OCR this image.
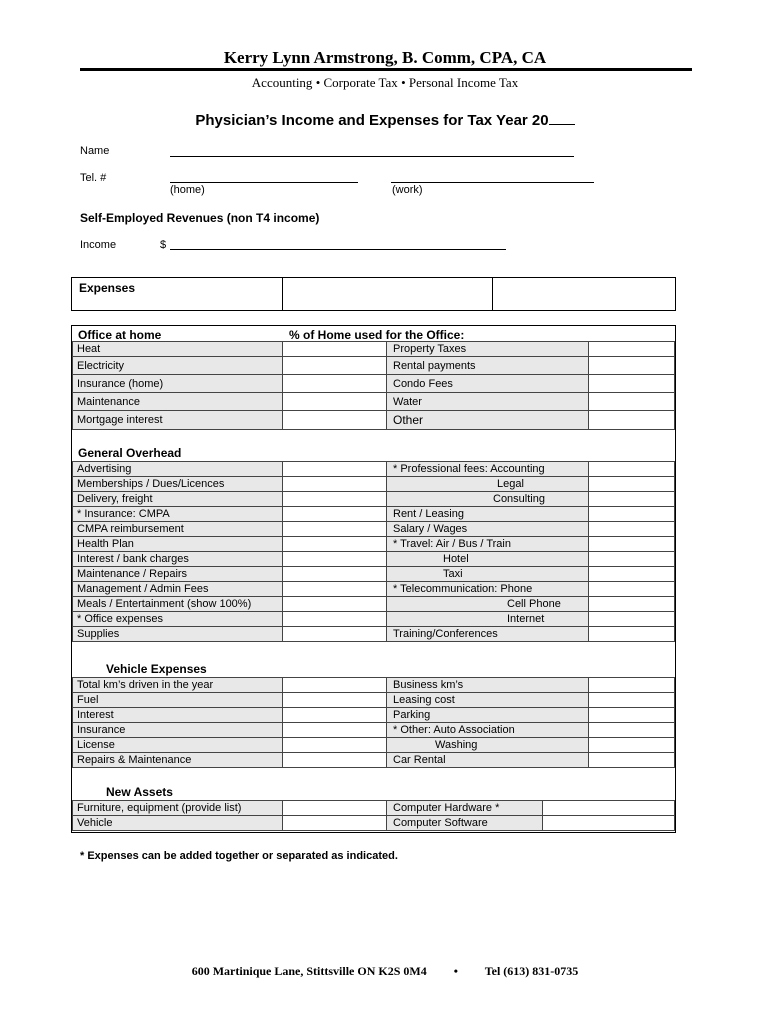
Kerry Lynn Armstrong, B. Comm, CPA, CA
Accounting • Corporate Tax • Personal Income Tax
Physician’s Income and Expenses for Tax Year 20
Name
Tel. #
(home)	(work)
Self-Employed Revenues (non T4 income)
Income	$
Expenses
Office at home	% of Home used for the Office:
Heat		Property Taxes	
Electricity		Rental payments	
Insurance (home)		Condo Fees	
Maintenance		Water	
Mortgage interest		Other	
General Overhead
Advertising		* Professional fees: Accounting	
Memberships / Dues/Licences		Legal	
Delivery, freight		Consulting	
* Insurance: CMPA		Rent / Leasing	
CMPA reimbursement		Salary / Wages	
Health Plan		* Travel: Air / Bus / Train	
Interest / bank charges		Hotel	
Maintenance / Repairs		Taxi	
Management / Admin Fees		* Telecommunication: Phone	
Meals / Entertainment (show 100%)		Cell Phone	
* Office expenses		Internet	
Supplies		Training/Conferences	
Vehicle Expenses
Total km’s driven in the year		Business km’s	
Fuel		Leasing cost	
Interest		Parking	
Insurance		* Other: Auto Association	
License		Washing	
Repairs & Maintenance		Car Rental	
New Assets
Furniture, equipment (provide list)		Computer Hardware *	
Vehicle		Computer Software	
* Expenses can be added together or separated as indicated.
600 Martinique Lane, Stittsville ON K2S 0M4 • Tel (613) 831-0735
